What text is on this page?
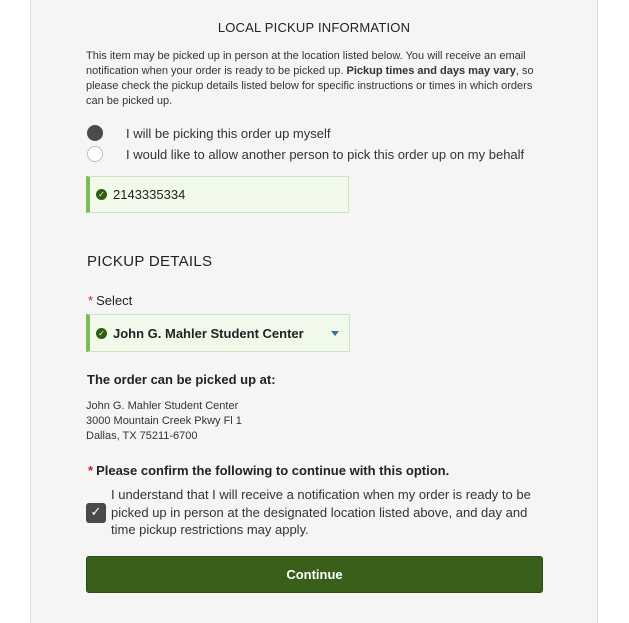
LOCAL PICKUP INFORMATION
This item may be picked up in person at the location listed below. You will receive an email notification when your order is ready to be picked up. Pickup times and days may vary, so please check the pickup details listed below for specific instructions or times in which orders can be picked up.
I will be picking this order up myself
I would like to allow another person to pick this order up on my behalf
✓ 2143335334
PICKUP DETAILS
* Select
✓ John G. Mahler Student Center
The order can be picked up at:
John G. Mahler Student Center
3000 Mountain Creek Pkwy Fl 1
Dallas, TX 75211-6700
* Please confirm the following to continue with this option.
✓
I understand that I will receive a notification when my order is ready to be picked up in person at the designated location listed above, and day and time pickup restrictions may apply.
Continue
